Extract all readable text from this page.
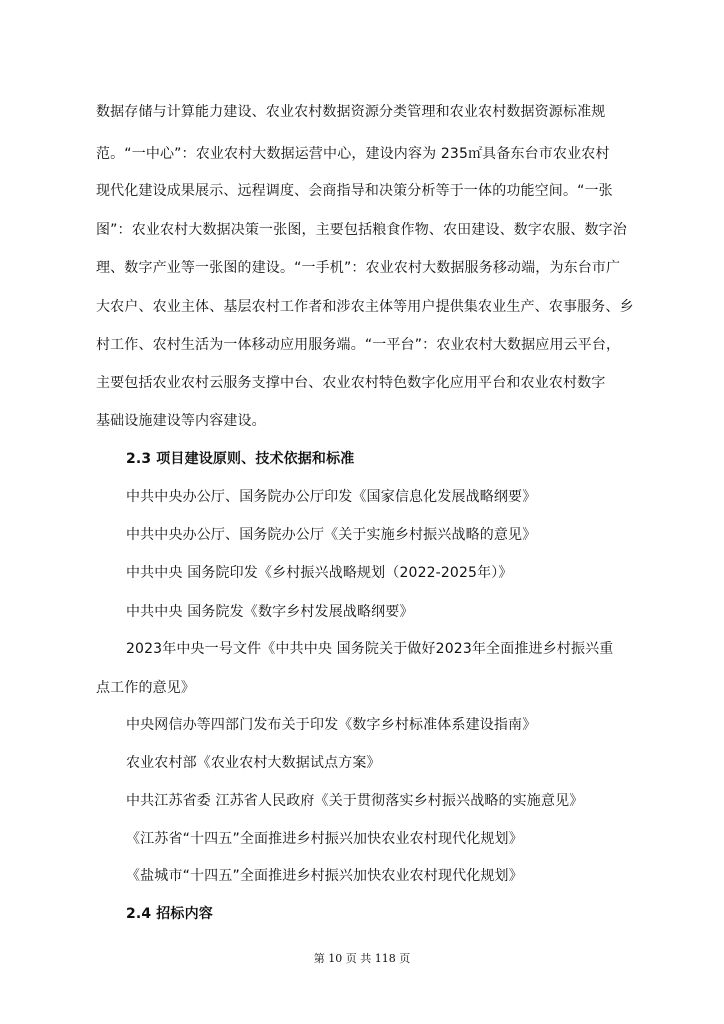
数据存储与计算能力建设、农业农村数据资源分类管理和农业农村数据资源标准规
范。“一中心”：农业农村大数据运营中心，建设内容为 235㎡具备东台市农业农村
现代化建设成果展示、远程调度、会商指导和决策分析等于一体的功能空间。“一张
图”：农业农村大数据决策一张图，主要包括粮食作物、农田建设、数字农服、数字治
理、数字产业等一张图的建设。“一手机”：农业农村大数据服务移动端，为东台市广
大农户、农业主体、基层农村工作者和涉农主体等用户提供集农业生产、农事服务、乡
村工作、农村生活为一体移动应用服务端。“一平台”：农业农村大数据应用云平台，
主要包括农业农村云服务支撑中台、农业农村特色数字化应用平台和农业农村数字
基础设施建设等内容建设。
2.3 项目建设原则、技术依据和标准
中共中央办公厅、国务院办公厅印发《国家信息化发展战略纲要》
中共中央办公厅、国务院办公厅《关于实施乡村振兴战略的意见》
中共中央 国务院印发《乡村振兴战略规划（2022-2025年）》
中共中央 国务院发《数字乡村发展战略纲要》
2023年中央一号文件《中共中央 国务院关于做好2023年全面推进乡村振兴重
点工作的意见》
中央网信办等四部门发布关于印发《数字乡村标准体系建设指南》
农业农村部《农业农村大数据试点方案》
中共江苏省委 江苏省人民政府《关于贯彻落实乡村振兴战略的实施意见》
《江苏省“十四五”全面推进乡村振兴加快农业农村现代化规划》
《盐城市“十四五”全面推进乡村振兴加快农业农村现代化规划》
2.4 招标内容
第 10 页 共 118 页
